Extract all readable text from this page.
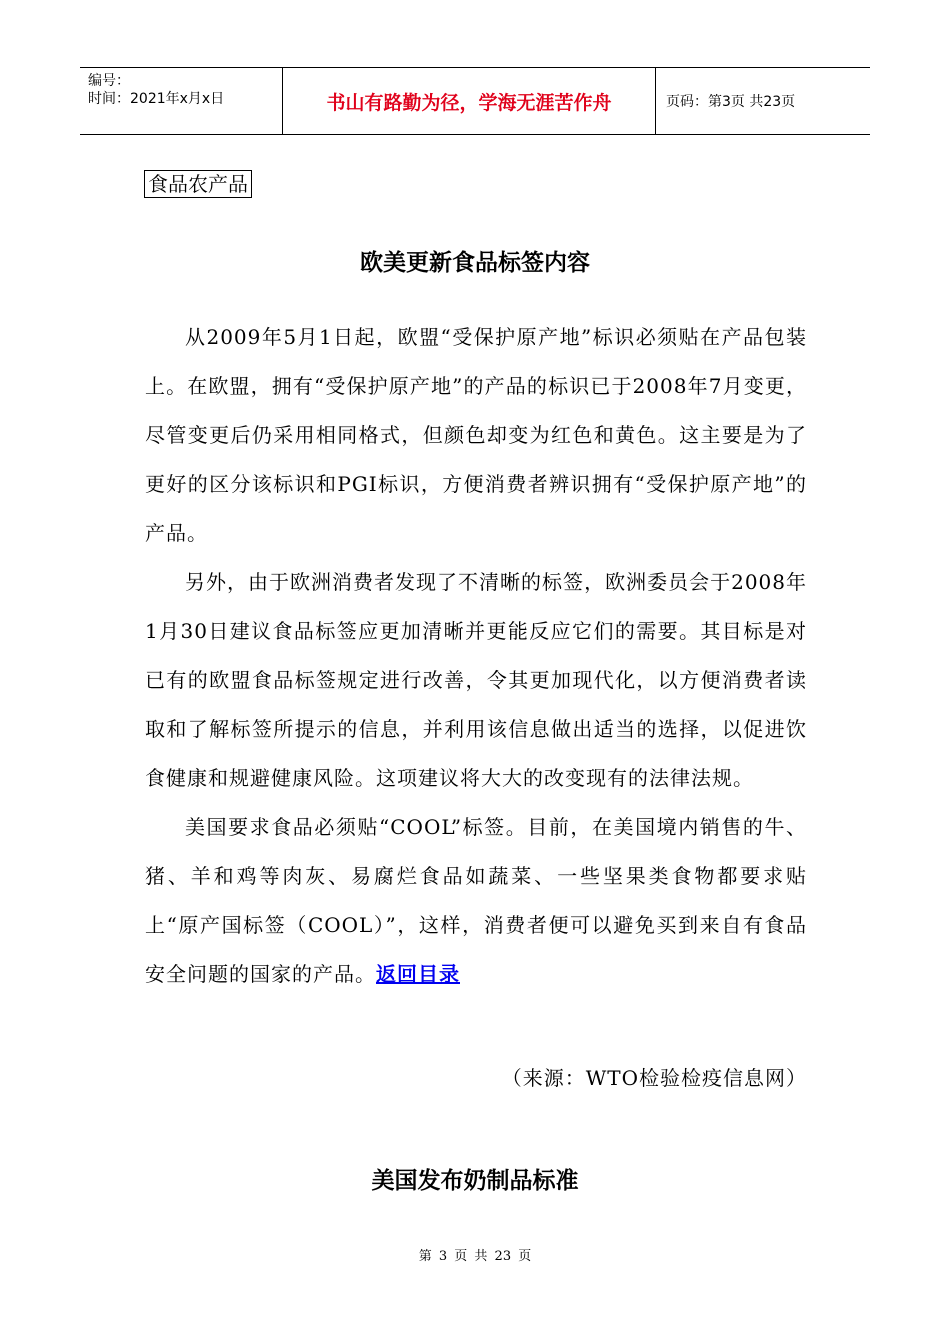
编号：
时间：2021年x月x日	书山有路勤为径，学海无涯苦作舟	页码：第3页 共23页
食品农产品
欧美更新食品标签内容

从2009年5月1日起，欧盟“受保护原产地”标识必须贴在产品包装上。在欧盟，拥有“受保护原产地”的产品的标识已于2008年7月变更，尽管变更后仍采用相同格式，但颜色却变为红色和黄色。这主要是为了更好的区分该标识和PGI标识，方便消费者辨识拥有“受保护原产地”的产品。

另外，由于欧洲消费者发现了不清晰的标签，欧洲委员会于2008年1月30日建议食品标签应更加清晰并更能反应它们的需要。其目标是对已有的欧盟食品标签规定进行改善，令其更加现代化，以方便消费者读取和了解标签所提示的信息，并利用该信息做出适当的选择，以促进饮食健康和规避健康风险。这项建议将大大的改变现有的法律法规。

美国要求食品必须贴“COOL”标签。目前，在美国境内销售的牛、猪、羊和鸡等肉灰、易腐烂食品如蔬菜、一些坚果类食物都要求贴上“原产国标签（COOL）”，这样，消费者便可以避免买到来自有食品安全问题的国家的产品。返回目录

（来源：WTO检验检疫信息网）
美国发布奶制品标准
第 3 页 共 23 页
